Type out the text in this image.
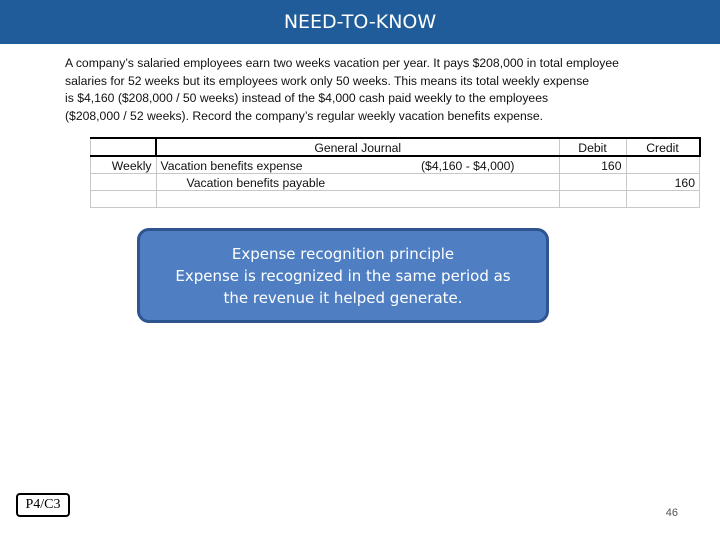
NEED-TO-KNOW
A company’s salaried employees earn two weeks vacation per year. It pays $208,000 in total employee
salaries for 52 weeks but its employees work only 50 weeks. This means its total weekly expense
is $4,160 ($208,000 / 50 weeks) instead of the $4,000 cash paid weekly to the employees
($208,000 / 52 weeks). Record the company’s regular weekly vacation benefits expense.
	General Journal	Debit	Credit
Weekly	Vacation benefits expense ($4,160 - $4,000)	160	
	Vacation benefits payable		160

Expense recognition principle
Expense is recognized in the same period as
the revenue it helped generate.
P4/C3
46
